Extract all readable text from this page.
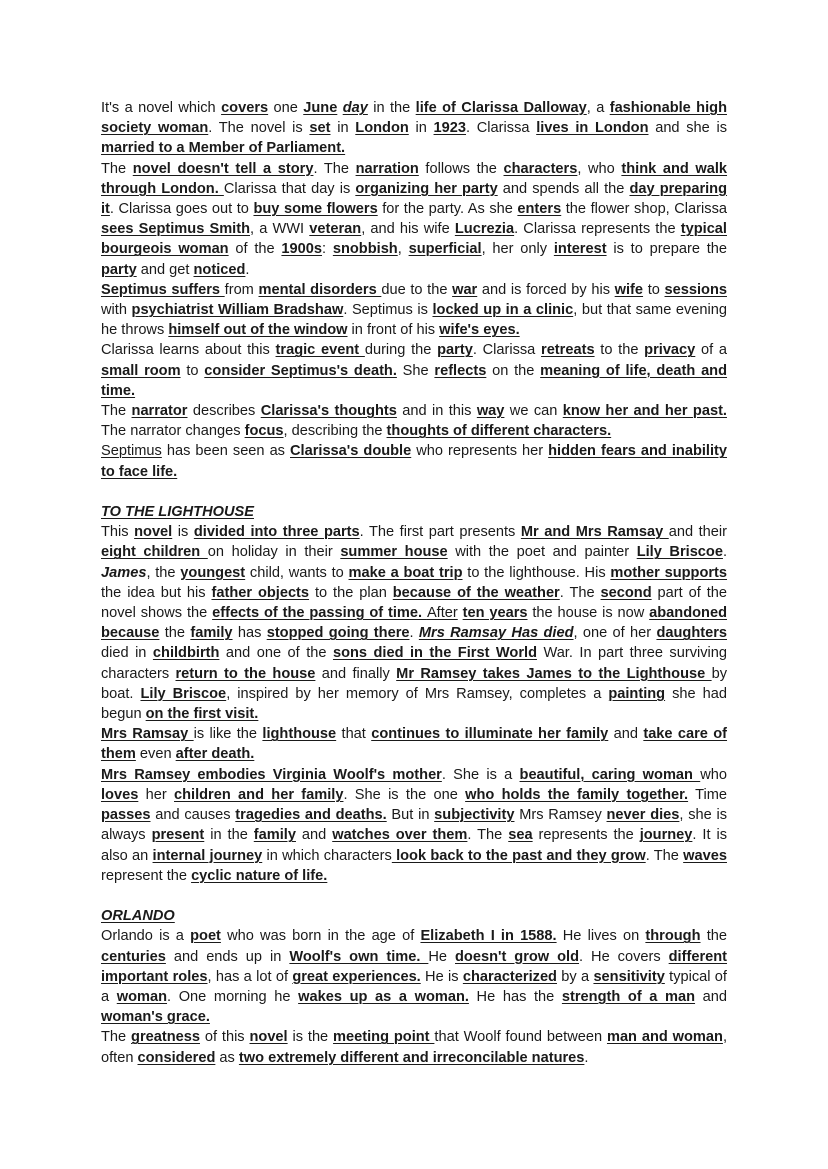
It's a novel which covers one June day in the life of Clarissa Dalloway, a fashionable high society woman. The novel is set in London in 1923. Clarissa lives in London and she is married to a Member of Parliament.

The novel doesn't tell a story. The narration follows the characters, who think and walk through London. Clarissa that day is organizing her party and spends all the day preparing it. Clarissa goes out to buy some flowers for the party. As she enters the flower shop, Clarissa sees Septimus Smith, a WWI veteran, and his wife Lucrezia. Clarissa represents the typical bourgeois woman of the 1900s: snobbish, superficial, her only interest is to prepare the party and get noticed.

Septimus suffers from mental disorders due to the war and is forced by his wife to sessions with psychiatrist William Bradshaw. Septimus is locked up in a clinic, but that same evening he throws himself out of the window in front of his wife's eyes.

Clarissa learns about this tragic event during the party. Clarissa retreats to the privacy of a small room to consider Septimus's death. She reflects on the meaning of life, death and time.

The narrator describes Clarissa's thoughts and in this way we can know her and her past. The narrator changes focus, describing the thoughts of different characters.

Septimus has been seen as Clarissa's double who represents her hidden fears and inability to face life.

TO THE LIGHTHOUSE

This novel is divided into three parts. The first part presents Mr and Mrs Ramsay and their eight children on holiday in their summer house with the poet and painter Lily Briscoe. James, the youngest child, wants to make a boat trip to the lighthouse. His mother supports the idea but his father objects to the plan because of the weather. The second part of the novel shows the effects of the passing of time. After ten years the house is now abandoned because the family has stopped going there. Mrs Ramsay Has died, one of her daughters died in childbirth and one of the sons died in the First World War. In part three surviving characters return to the house and finally Mr Ramsey takes James to the Lighthouse by boat. Lily Briscoe, inspired by her memory of Mrs Ramsey, completes a painting she had begun on the first visit.

Mrs Ramsay is like the lighthouse that continues to illuminate her family and take care of them even after death.

Mrs Ramsey embodies Virginia Woolf's mother. She is a beautiful, caring woman who loves her children and her family. She is the one who holds the family together. Time passes and causes tragedies and deaths. But in subjectivity Mrs Ramsey never dies, she is always present in the family and watches over them. The sea represents the journey. It is also an internal journey in which characters look back to the past and they grow. The waves represent the cyclic nature of life.

ORLANDO

Orlando is a poet who was born in the age of Elizabeth I in 1588. He lives on through the centuries and ends up in Woolf's own time. He doesn't grow old. He covers different important roles, has a lot of great experiences. He is characterized by a sensitivity typical of a woman. One morning he wakes up as a woman. He has the strength of a man and woman's grace.

The greatness of this novel is the meeting point that Woolf found between man and woman, often considered as two extremely different and irreconcilable natures.
